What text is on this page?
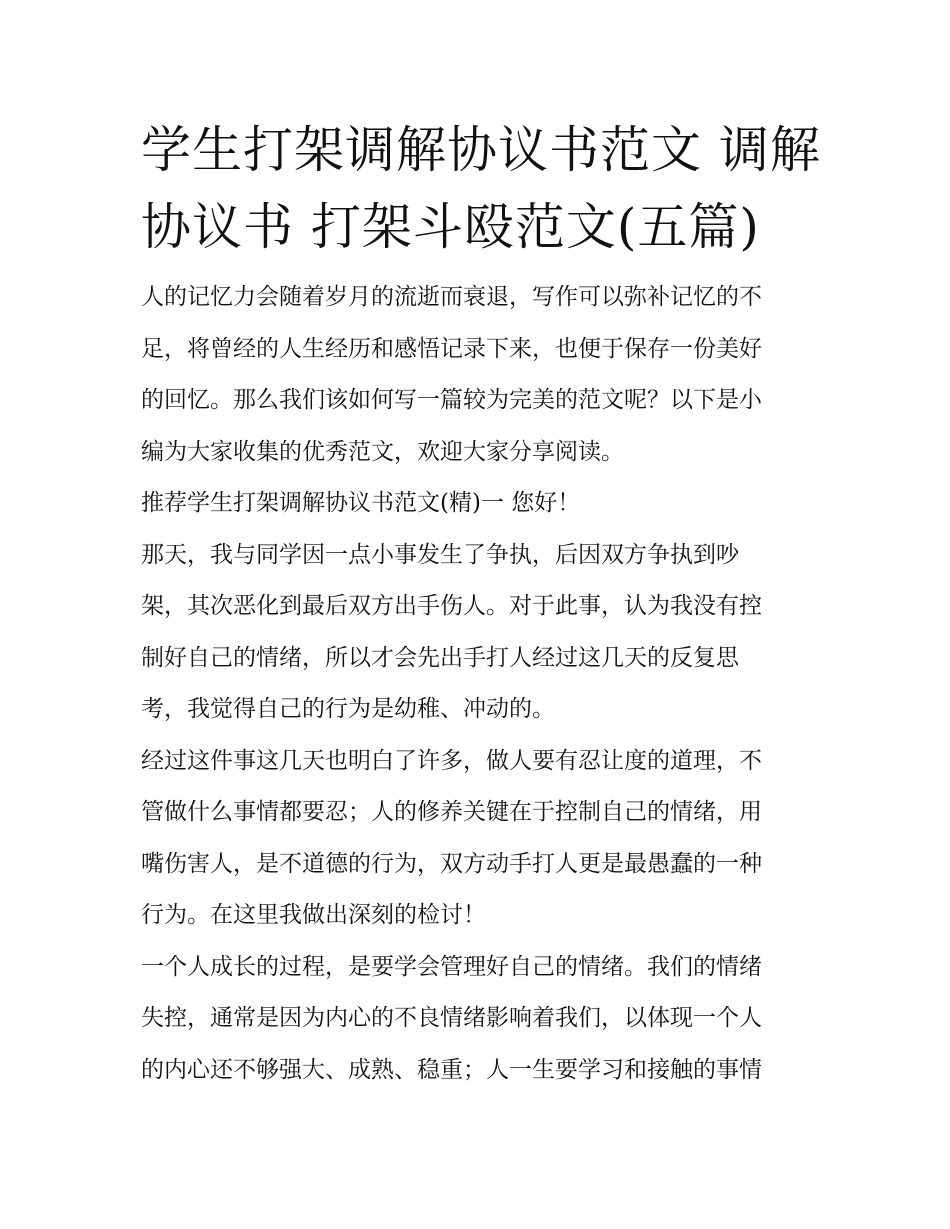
学生打架调解协议书范文 调解
协议书 打架斗殴范文(五篇)
人的记忆力会随着岁月的流逝而衰退，写作可以弥补记忆的不
足，将曾经的人生经历和感悟记录下来，也便于保存一份美好
的回忆。那么我们该如何写一篇较为完美的范文呢？以下是小
编为大家收集的优秀范文，欢迎大家分享阅读。
推荐学生打架调解协议书范文(精)一 您好！
那天，我与同学因一点小事发生了争执，后因双方争执到吵
架，其次恶化到最后双方出手伤人。对于此事，认为我没有控
制好自己的情绪，所以才会先出手打人经过这几天的反复思
考，我觉得自己的行为是幼稚、冲动的。
经过这件事这几天也明白了许多，做人要有忍让度的道理，不
管做什么事情都要忍；人的修养关键在于控制自己的情绪，用
嘴伤害人，是不道德的行为，双方动手打人更是最愚蠢的一种
行为。在这里我做出深刻的检讨！
一个人成长的过程，是要学会管理好自己的情绪。我们的情绪
失控，通常是因为内心的不良情绪影响着我们，以体现一个人
的内心还不够强大、成熟、稳重；人一生要学习和接触的事情
